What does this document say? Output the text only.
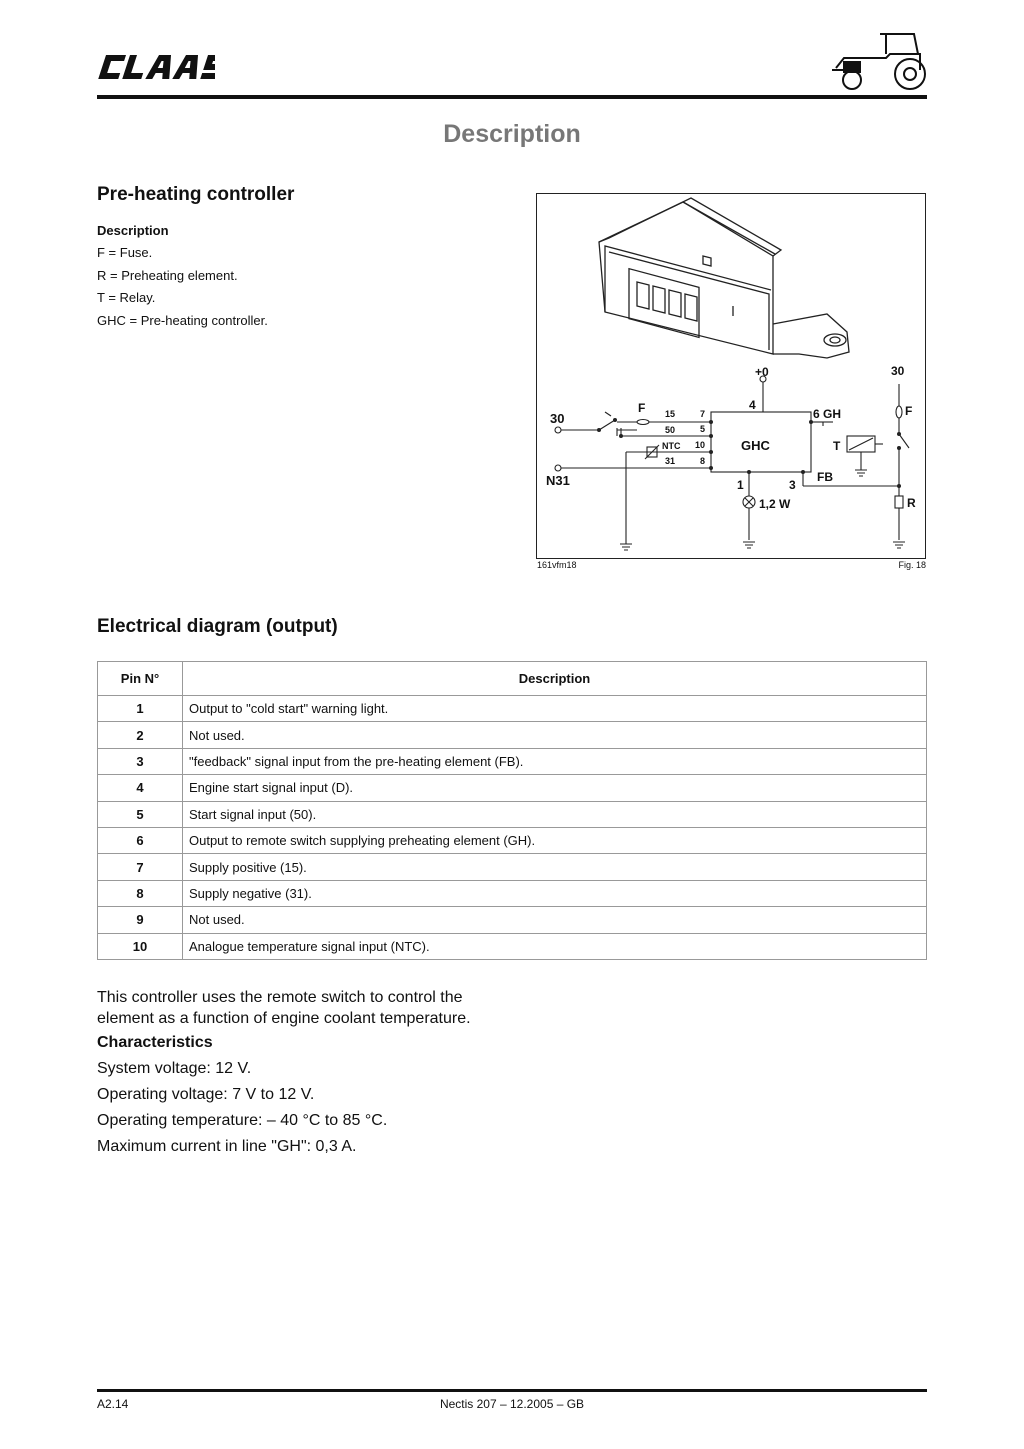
Description
Pre-heating controller
Description
F = Fuse.
R = Preheating element.
T = Relay.
GHC = Pre-heating controller.
+0	30
30
F	F
4
6 GH
GHC	T
FB
1	3
1,2 W	R
N31
15	7
50	5
NTC 10
31	8
161vfm18	Fig. 18
Electrical diagram (output)
Pin N°	Description
1	Output to "cold start" warning light.
2	Not used.
3	"feedback" signal input from the pre-heating element (FB).
4	Engine start signal input (D).
5	Start signal input (50).
6	Output to remote switch supplying preheating element (GH).
7	Supply positive (15).
8	Supply negative (31).
9	Not used.
10	Analogue temperature signal input (NTC).
This controller uses the remote switch to control the element as a function of engine coolant temperature.
Characteristics
System voltage: 12 V.
Operating voltage: 7 V to 12 V.
Operating temperature: – 40 °C to 85 °C.
Maximum current in line "GH": 0,3 A.
A2.14	Nectis 207 – 12.2005 – GB
